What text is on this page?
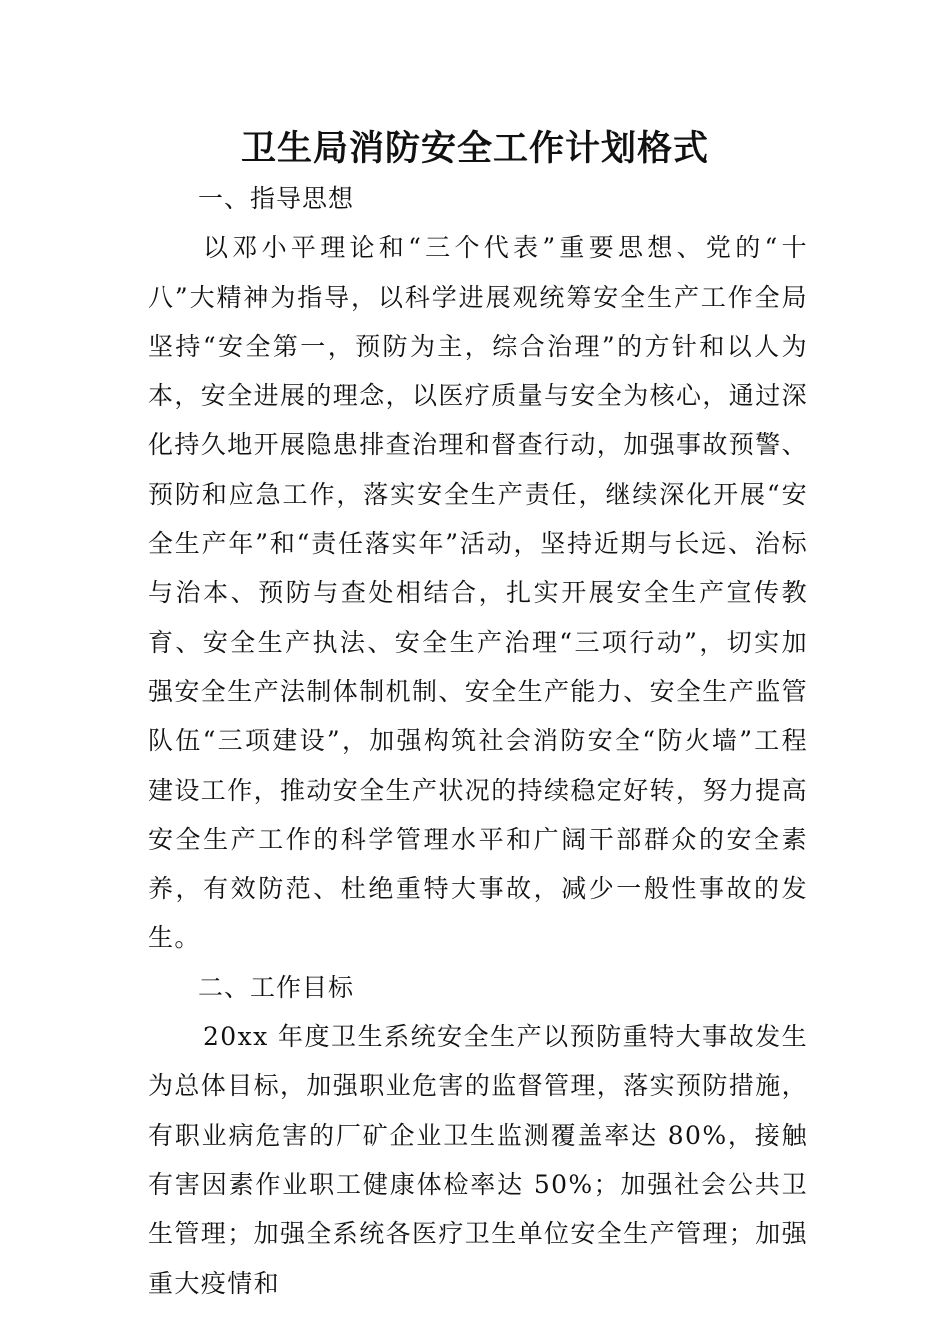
卫生局消防安全工作计划格式

一、指导思想

以邓小平理论和“三个代表”重要思想、党的“十八”大精神为指导，以科学进展观统筹安全生产工作全局坚持“安全第一，预防为主，综合治理”的方针和以人为本，安全进展的理念，以医疗质量与安全为核心，通过深化持久地开展隐患排查治理和督查行动，加强事故预警、预防和应急工作，落实安全生产责任，继续深化开展“安全生产年”和“责任落实年”活动，坚持近期与长远、治标与治本、预防与查处相结合，扎实开展安全生产宣传教育、安全生产执法、安全生产治理“三项行动”，切实加强安全生产法制体制机制、安全生产能力、安全生产监管队伍“三项建设”，加强构筑社会消防安全“防火墙”工程建设工作，推动安全生产状况的持续稳定好转，努力提高安全生产工作的科学管理水平和广阔干部群众的安全素养，有效防范、杜绝重特大事故，减少一般性事故的发生。

二、工作目标

20xx 年度卫生系统安全生产以预防重特大事故发生为总体目标，加强职业危害的监督管理，落实预防措施，有职业病危害的厂矿企业卫生监测覆盖率达 80%，接触有害因素作业职工健康体检率达 50%；加强社会公共卫生管理；加强全系统各医疗卫生单位安全生产管理；加强重大疫情和
